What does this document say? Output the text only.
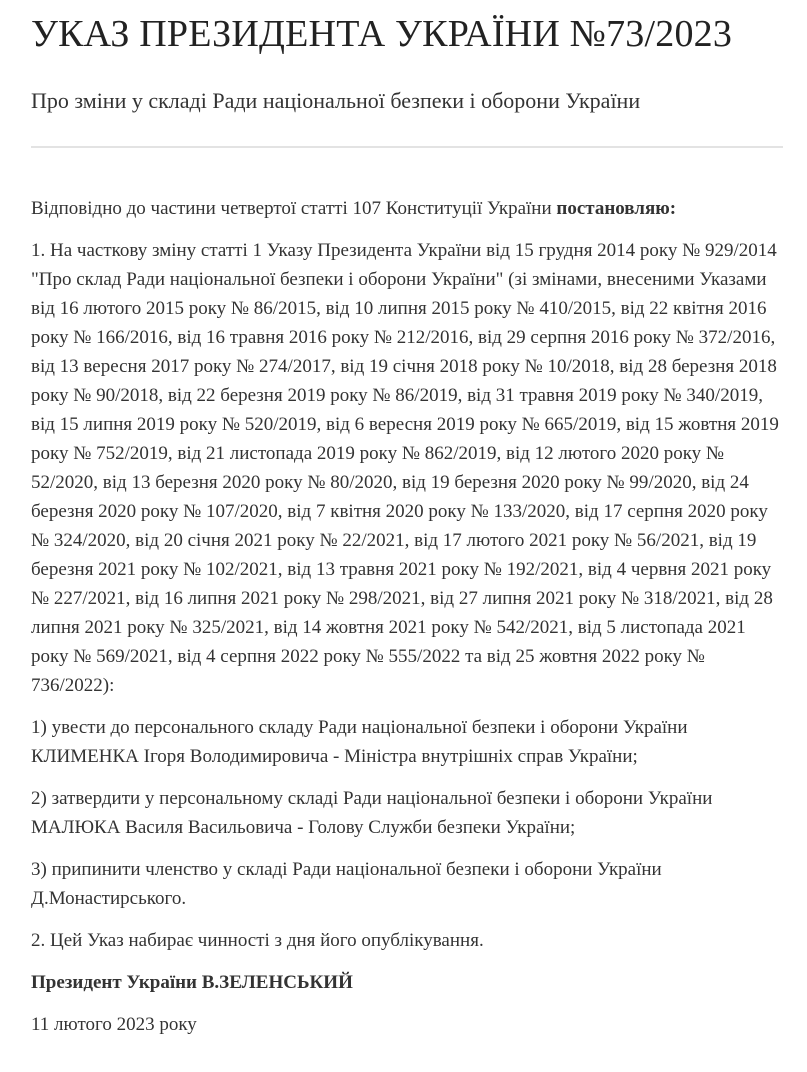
УКАЗ ПРЕЗИДЕНТА УКРАЇНИ №73/2023
Про зміни у складі Ради національної безпеки і оборони України

Відповідно до частини четвертої статті 107 Конституції України постановляю:

1. На часткову зміну статті 1 Указу Президента України від 15 грудня 2014 року № 929/2014 "Про склад Ради національної безпеки і оборони України" (зі змінами, внесеними Указами від 16 лютого 2015 року № 86/2015, від 10 липня 2015 року № 410/2015, від 22 квітня 2016 року № 166/2016, від 16 травня 2016 року № 212/2016, від 29 серпня 2016 року № 372/2016, від 13 вересня 2017 року № 274/2017, від 19 січня 2018 року № 10/2018, від 28 березня 2018 року № 90/2018, від 22 березня 2019 року № 86/2019, від 31 травня 2019 року № 340/2019, від 15 липня 2019 року № 520/2019, від 6 вересня 2019 року № 665/2019, від 15 жовтня 2019 року № 752/2019, від 21 листопада 2019 року № 862/2019, від 12 лютого 2020 року № 52/2020, від 13 березня 2020 року № 80/2020, від 19 березня 2020 року № 99/2020, від 24 березня 2020 року № 107/2020, від 7 квітня 2020 року № 133/2020, від 17 серпня 2020 року № 324/2020, від 20 січня 2021 року № 22/2021, від 17 лютого 2021 року № 56/2021, від 19 березня 2021 року № 102/2021, від 13 травня 2021 року № 192/2021, від 4 червня 2021 року № 227/2021, від 16 липня 2021 року № 298/2021, від 27 липня 2021 року № 318/2021, від 28 липня 2021 року № 325/2021, від 14 жовтня 2021 року № 542/2021, від 5 листопада 2021 року № 569/2021, від 4 серпня 2022 року № 555/2022 та від 25 жовтня 2022 року № 736/2022):

1) увести до персонального складу Ради національної безпеки і оборони України КЛИМЕНКА Ігоря Володимировича - Міністра внутрішніх справ України;

2) затвердити у персональному складі Ради національної безпеки і оборони України МАЛЮКА Василя Васильовича - Голову Служби безпеки України;

3) припинити членство у складі Ради національної безпеки і оборони України Д.Монастирського.

2. Цей Указ набирає чинності з дня його опублікування.

Президент України В.ЗЕЛЕНСЬКИЙ

11 лютого 2023 року
